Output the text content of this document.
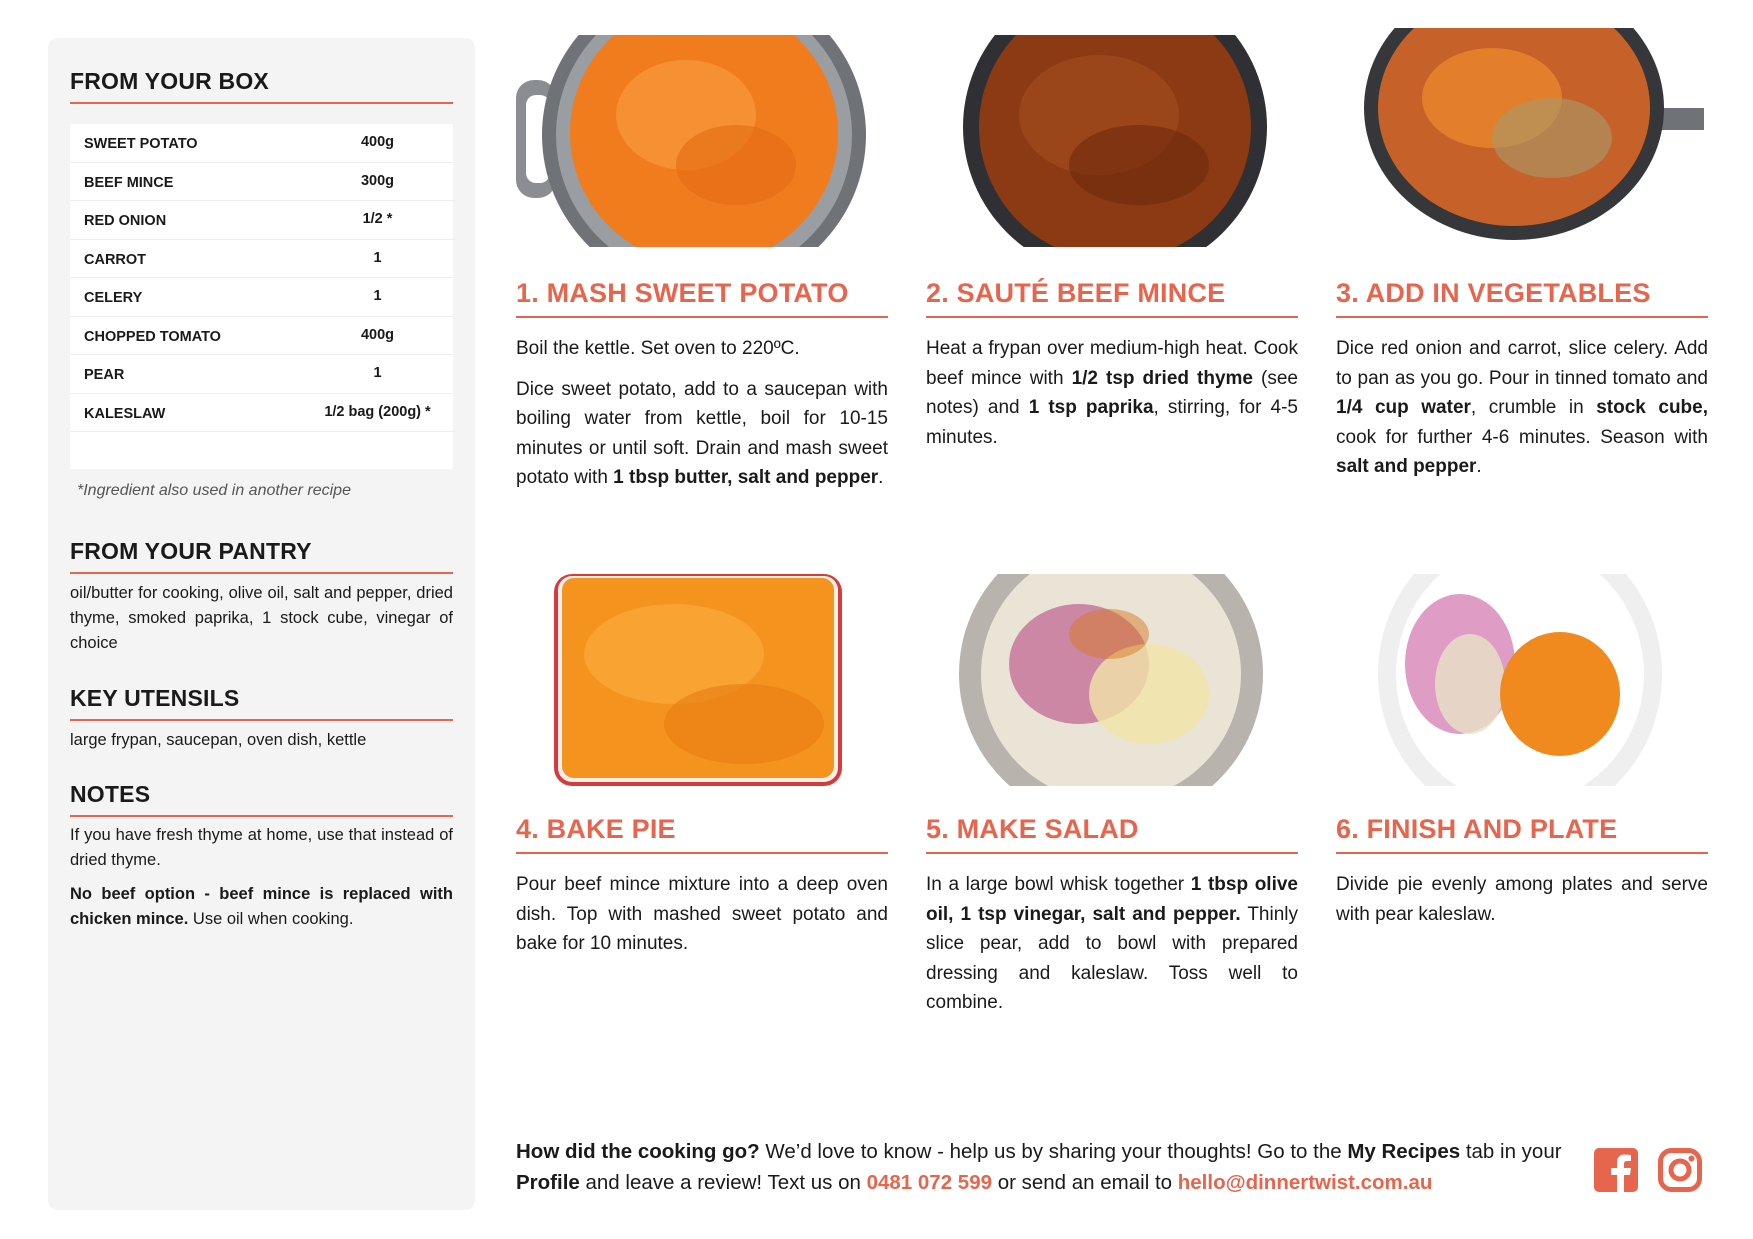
FROM YOUR BOX
SWEET POTATO	400g
BEEF MINCE	300g
RED ONION	1/2 *
CARROT	1
CELERY	1
CHOPPED TOMATO	400g
PEAR	1
KALESLAW	1/2 bag (200g) *
*Ingredient also used in another recipe
FROM YOUR PANTRY
oil/butter for cooking, olive oil, salt and pepper, dried thyme, smoked paprika, 1 stock cube, vinegar of choice
KEY UTENSILS
large frypan, saucepan, oven dish, kettle
NOTES
If you have fresh thyme at home, use that instead of dried thyme.
No beef option - beef mince is replaced with chicken mince. Use oil when cooking.
1. MASH SWEET POTATO

Boil the kettle. Set oven to 220ºC.

Dice sweet potato, add to a saucepan with boiling water from kettle, boil for 10-15 minutes or until soft. Drain and mash sweet potato with 1 tbsp butter, salt and pepper.

2. SAUTÉ BEEF MINCE

Heat a frypan over medium-high heat. Cook beef mince with 1/2 tsp dried thyme (see notes) and 1 tsp paprika, stirring, for 4-5 minutes.

3. ADD IN VEGETABLES

Dice red onion and carrot, slice celery. Add to pan as you go. Pour in tinned tomato and 1/4 cup water, crumble in stock cube, cook for further 4-6 minutes. Season with salt and pepper.

4. BAKE PIE

Pour beef mince mixture into a deep oven dish. Top with mashed sweet potato and bake for 10 minutes.

5. MAKE SALAD

In a large bowl whisk together 1 tbsp olive oil, 1 tsp vinegar, salt and pepper. Thinly slice pear, add to bowl with prepared dressing and kaleslaw. Toss well to combine.

6. FINISH AND PLATE

Divide pie evenly among plates and serve with pear kaleslaw.

How did the cooking go? We’d love to know - help us by sharing your thoughts! Go to the My Recipes tab in your Profile and leave a review! Text us on 0481 072 599 or send an email to hello@dinnertwist.com.au
